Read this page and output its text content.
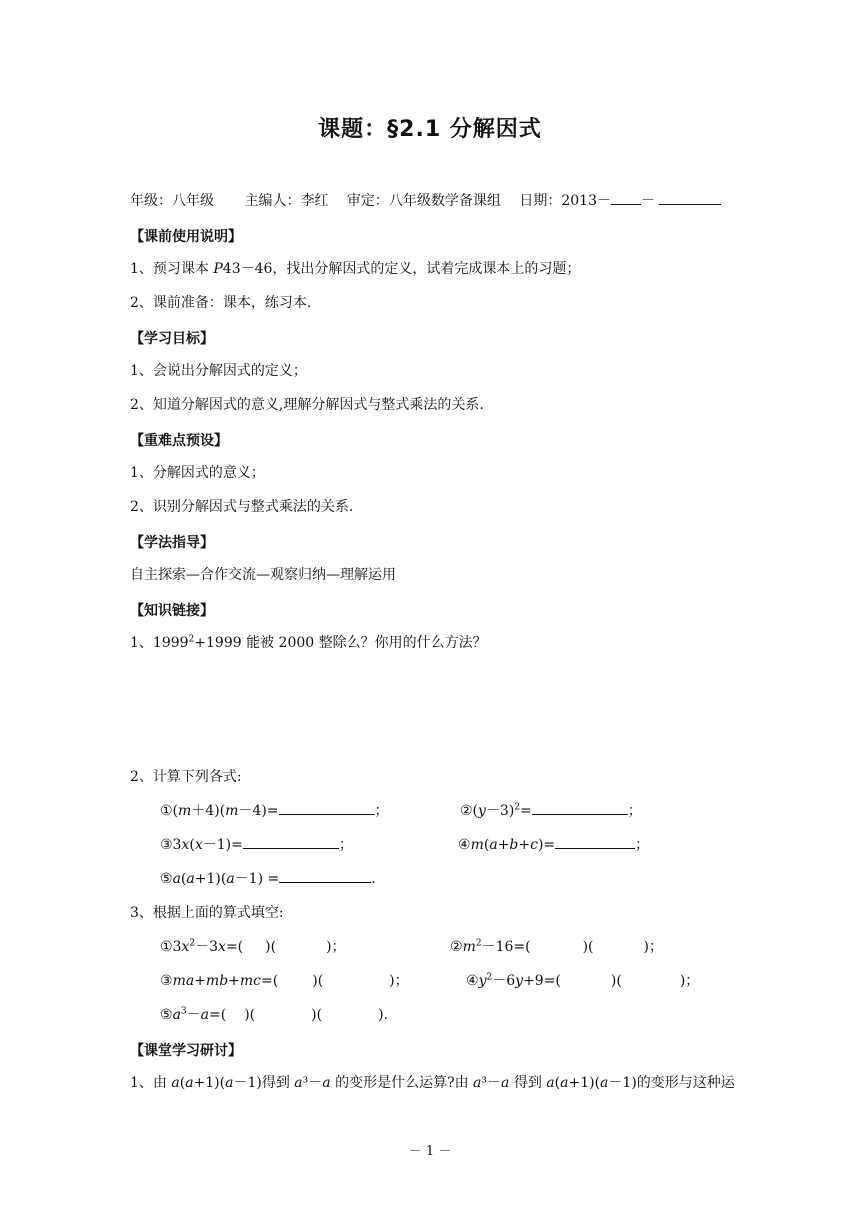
课题：§2.1 分解因式
年级：八年级 主编人：李红 审定：八年级数学备课组 日期：2013－ －
【课前使用说明】
1、预习课本 P43－46，找出分解因式的定义，试着完成课本上的习题；
2、课前准备：课本，练习本.
【学习目标】
1、会说出分解因式的定义；
2、知道分解因式的意义,理解分解因式与整式乘法的关系.
【重难点预设】
1、分解因式的意义；
2、识别分解因式与整式乘法的关系.
【学法指导】
自主探索—合作交流—观察归纳—理解运用
【知识链接】
1、$1999^2+1999$ 能被 2000 整除么？你用的什么方法？
2、计算下列各式:
①(m＋4)(m－4)=	；	$②(y-3)^2=$	；
③3x(x－1)=	；	④m(a+b+c)=	；
⑤a(a+1)(a－1) =	.
3、根据上面的算式填空:
$①3x^2-3x=$( )(	)；	$②m^2-16=$(	)(	)；
③ma+mb+mc=( )(	)；	$④y^2-6y+9=$(	)(	)；
$⑤a^3-a=$( )(	)(	).
【课堂学习研讨】
1、由 a(a+1)(a－1)得到 a³－a 的变形是什么运算?由 a³－a 得到 a(a+1)(a－1)的变形与这种运
－ 1 －
